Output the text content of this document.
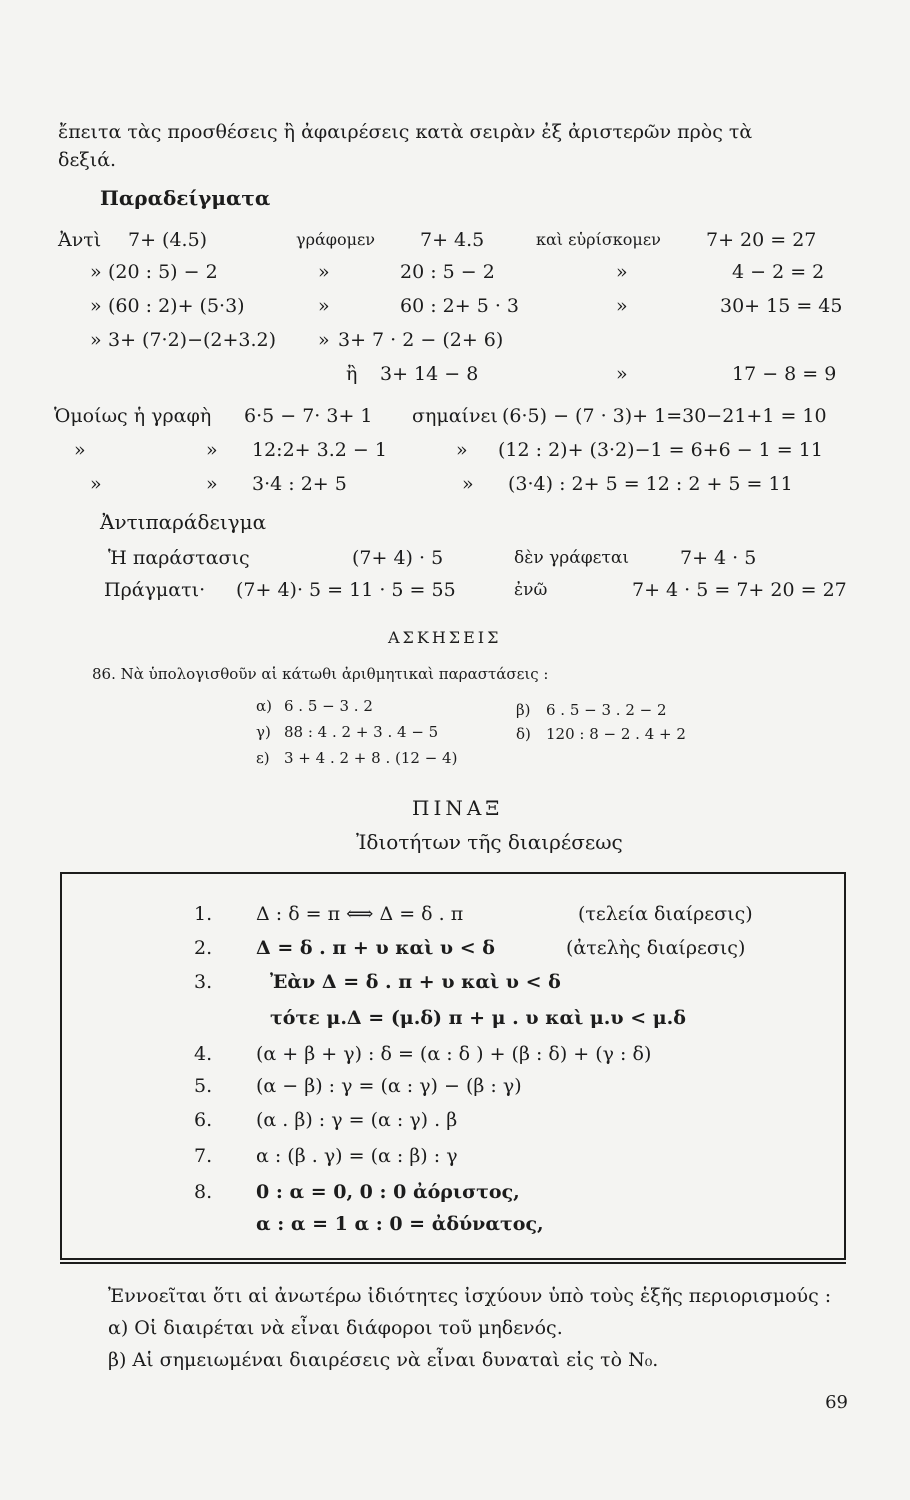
ἔπειτα τὰς προσθέσεις ἢ ἀφαιρέσεις κατὰ σειρὰν ἐξ ἀριστερῶν πρὸς τὰ
δεξιά.
Παραδείγματα
Ἀντὶ 7+ (4.5)	γράφομεν 7+ 4.5	καὶ εὑρίσκομεν 7+ 20 = 27
» (20 : 5) − 2	»	20 : 5 − 2	»	4 − 2 = 2
» (60 : 2)+ (5·3)	»	60 : 2+ 5 · 3	»	30+ 15 = 45
» 3+ (7·2)−(2+3.2) » 3+ 7 · 2 − (2+ 6)
ἢ 3+ 14 − 8	»	17 − 8 = 9
Ὁμοίως ἡ γραφὴ 6·5 − 7· 3+ 1 σημαίνει (6·5) − (7 · 3)+ 1=30−21+1 = 10
»	» 12:2+ 3.2 − 1	» (12 : 2)+ (3·2)−1 = 6+6 − 1 = 11
»	» 3·4 : 2+ 5	» (3·4) : 2+ 5 = 12 : 2 + 5 = 11
Ἀντιπαράδειγμα
Ἡ παράστασις	(7+ 4) · 5	δὲν γράφεται	7+ 4 · 5
Πράγματι· (7+ 4)· 5 = 11 · 5 = 55	ἐνῶ	7+ 4 · 5 = 7+ 20 = 27
ΑΣΚΗΣΕΙΣ
86. Νὰ ὑπολογισθοῦν αἱ κάτωθι ἀριθμητικαὶ παραστάσεις :
α) 6 . 5 − 3 . 2	β) 6 . 5 − 3 . 2 − 2
γ) 88 : 4 . 2 + 3 . 4 − 5	δ) 120 : 8 − 2 . 4 + 2
ε) 3 + 4 . 2 + 8 . (12 − 4)
ΠΙΝΑΞ
Ἰδιοτήτων τῆς διαιρέσεως
1. Δ : δ = π ⟺ Δ = δ . π	(τελεία διαίρεσις)
2. Δ = δ . π + υ καὶ υ < δ	(ἀτελὴς διαίρεσις)
3.	Ἐὰν Δ = δ . π + υ καὶ υ < δ
τότε μ.Δ = (μ.δ) π + μ . υ καὶ μ.υ < μ.δ
4. (α + β + γ) : δ = (α : δ ) + (β : δ) + (γ : δ)
5. (α − β) : γ = (α : γ) − (β : γ)
6. (α . β) : γ = (α : γ) . β
7. α : (β . γ) = (α : β) : γ
8. 0 : α = 0, 0 : 0 ἀόριστος,
α : α = 1 α : 0 = ἀδύνατος,
Ἐννοεῖται ὅτι αἱ ἀνωτέρω ἰδιότητες ἰσχύουν ὑπὸ τοὺς ἑξῆς περιορισμούς :
α) Οἱ διαιρέται νὰ εἶναι διάφοροι τοῦ μηδενός.
β) Αἱ σημειωμέναι διαιρέσεις νὰ εἶναι δυναταὶ εἰς τὸ Ν₀.
69
